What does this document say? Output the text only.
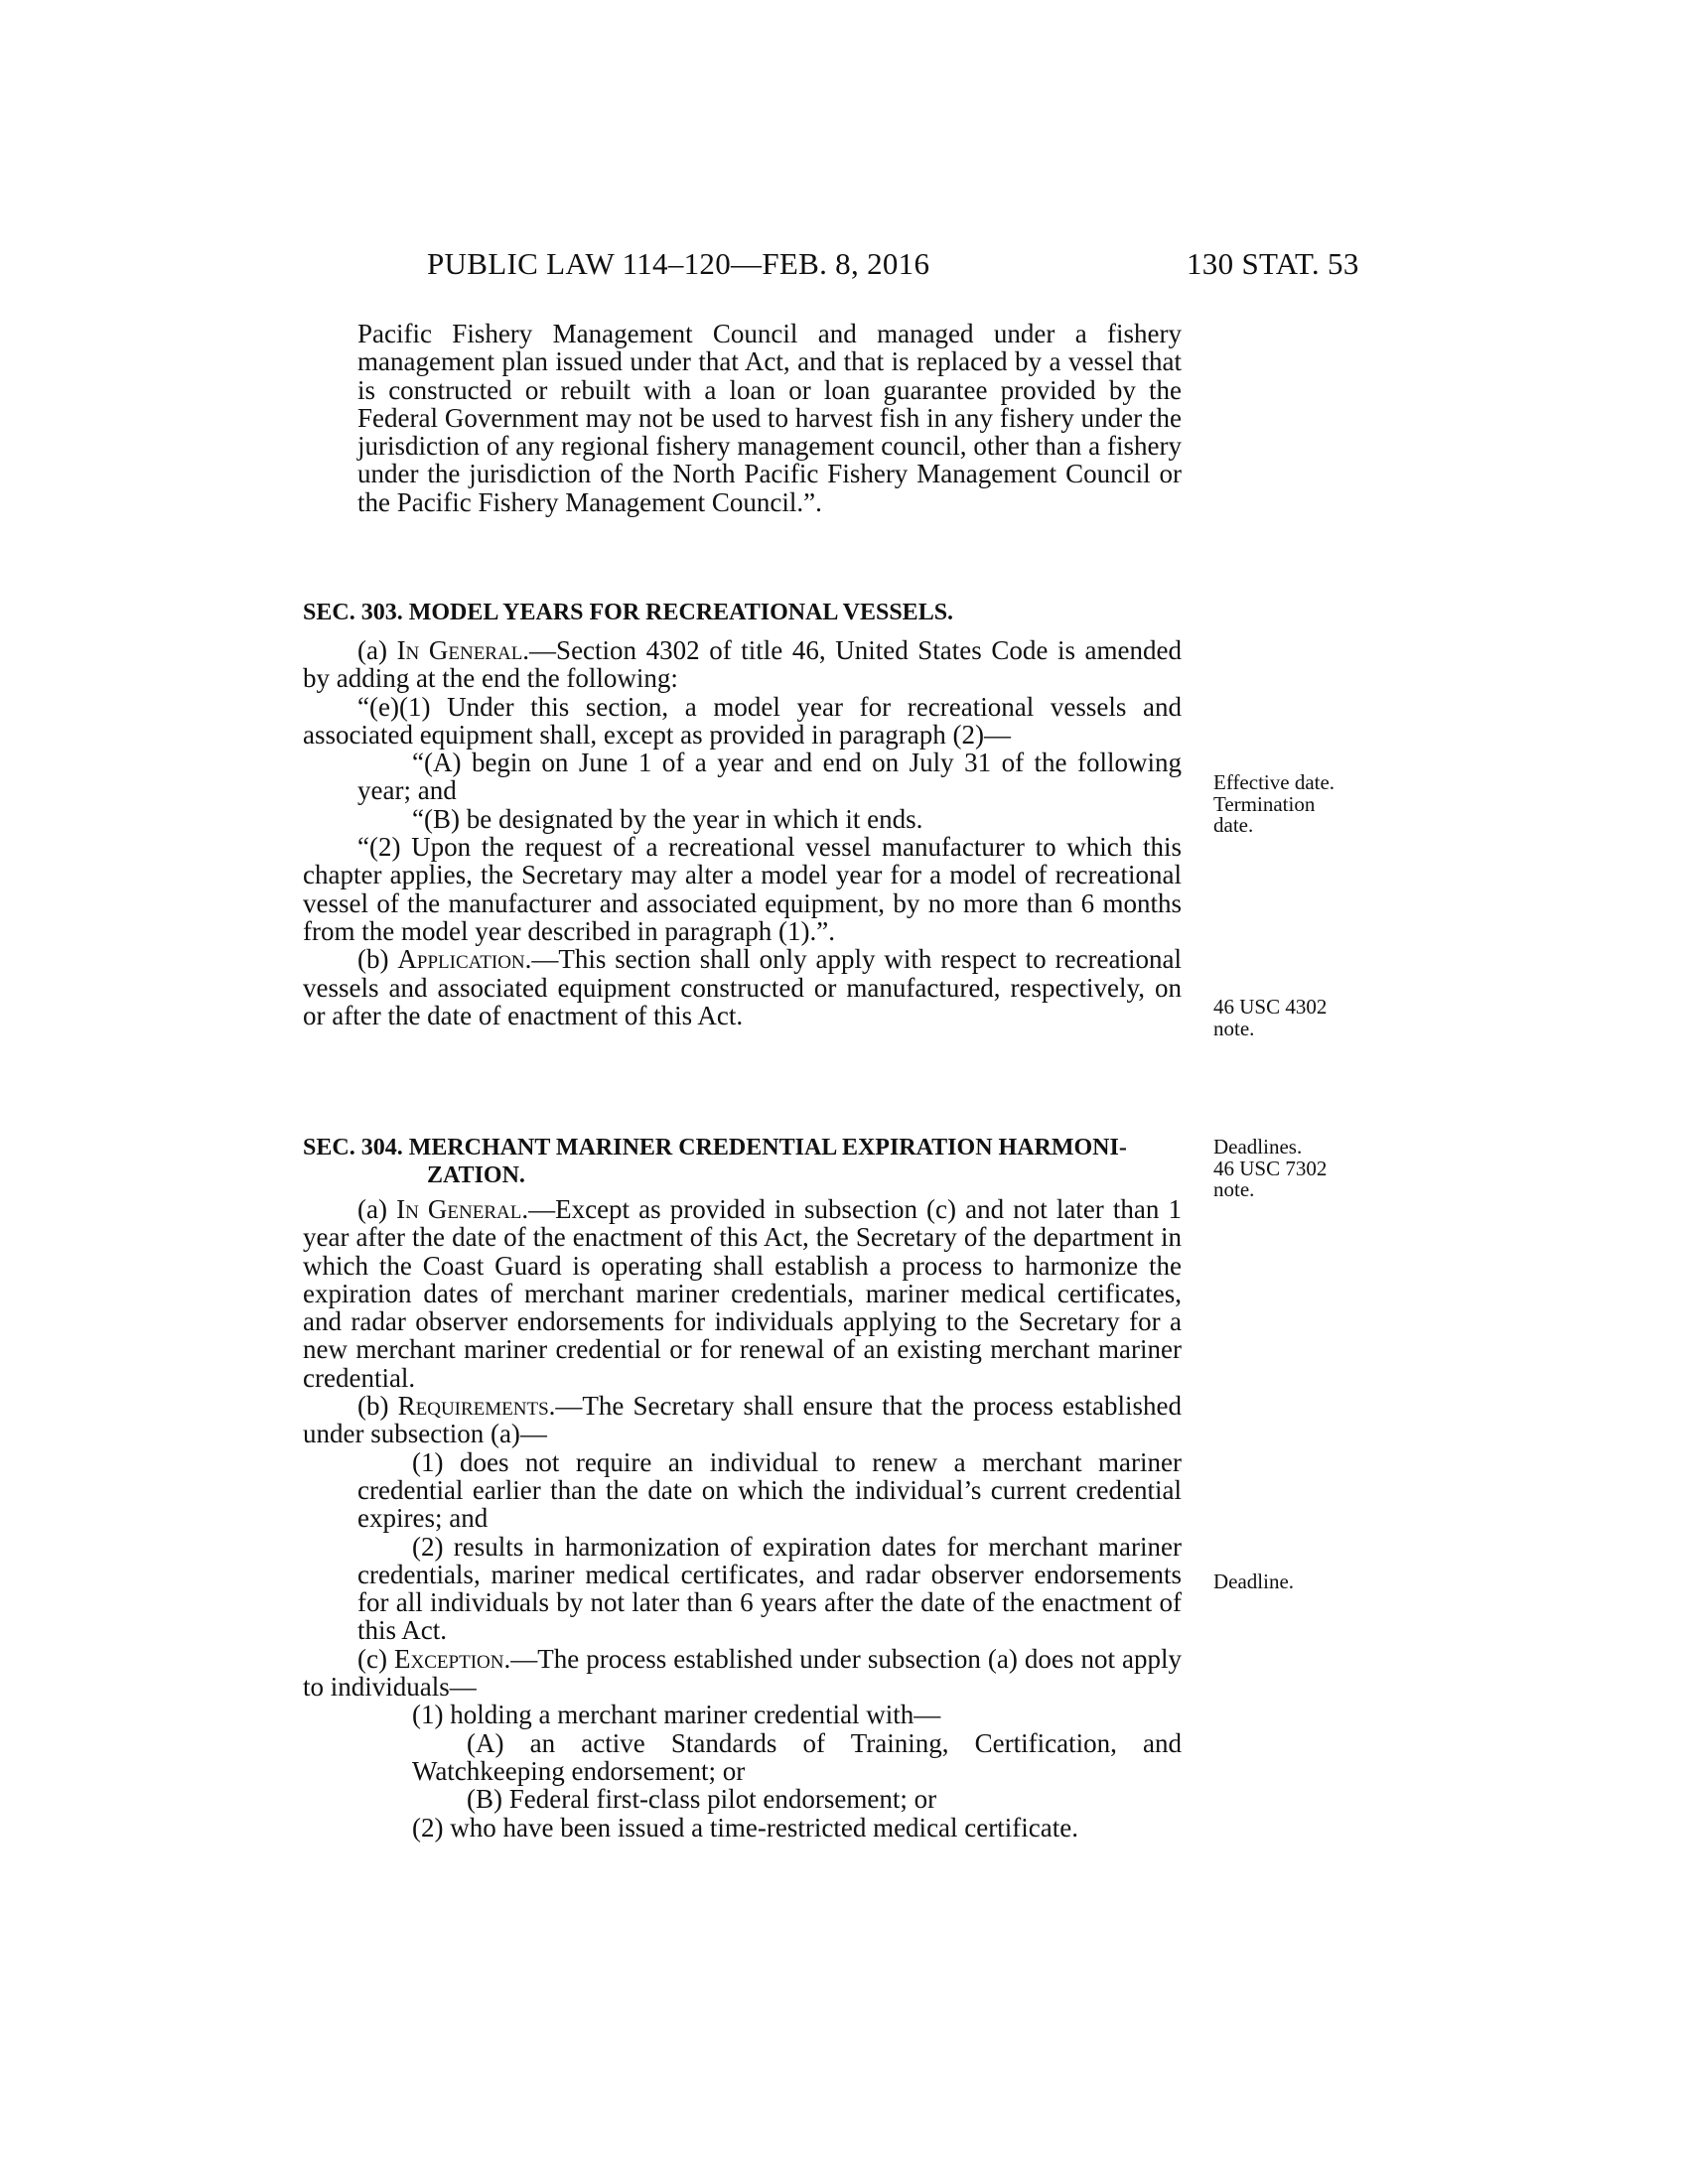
PUBLIC LAW 114–120—FEB. 8, 2016	130 STAT. 53

Pacific Fishery Management Council and managed under a fishery management plan issued under that Act, and that is replaced by a vessel that is constructed or rebuilt with a loan or loan guarantee provided by the Federal Government may not be used to harvest fish in any fishery under the jurisdiction of any regional fishery management council, other than a fishery under the jurisdiction of the North Pacific Fishery Management Council or the Pacific Fishery Management Council.”.

SEC. 303. MODEL YEARS FOR RECREATIONAL VESSELS.

(a) In General.—Section 4302 of title 46, United States Code is amended by adding at the end the following:

“(e)(1) Under this section, a model year for recreational vessels and associated equipment shall, except as provided in paragraph (2)—

“(A) begin on June 1 of a year and end on July 31 of the following year; and

“(B) be designated by the year in which it ends.

“(2) Upon the request of a recreational vessel manufacturer to which this chapter applies, the Secretary may alter a model year for a model of recreational vessel of the manufacturer and associated equipment, by no more than 6 months from the model year described in paragraph (1).”.

(b) Application.—This section shall only apply with respect to recreational vessels and associated equipment constructed or manufactured, respectively, on or after the date of enactment of this Act.

SEC. 304. MERCHANT MARINER CREDENTIAL EXPIRATION HARMONI-

ZATION.

(a) In General.—Except as provided in subsection (c) and not later than 1 year after the date of the enactment of this Act, the Secretary of the department in which the Coast Guard is operating shall establish a process to harmonize the expiration dates of merchant mariner credentials, mariner medical certificates, and radar observer endorsements for individuals applying to the Secretary for a new merchant mariner credential or for renewal of an existing merchant mariner credential.

(b) Requirements.—The Secretary shall ensure that the process established under subsection (a)—

(1) does not require an individual to renew a merchant mariner credential earlier than the date on which the individual’s current credential expires; and

(2) results in harmonization of expiration dates for merchant mariner credentials, mariner medical certificates, and radar observer endorsements for all individuals by not later than 6 years after the date of the enactment of this Act.

(c) Exception.—The process established under subsection (a) does not apply to individuals—

(1) holding a merchant mariner credential with—

(A) an active Standards of Training, Certification, and Watchkeeping endorsement; or

(B) Federal first-class pilot endorsement; or

(2) who have been issued a time-restricted medical certificate.

Effective date.
Termination
date.
46 USC 4302
note.
Deadlines.
46 USC 7302
note.
Deadline.
